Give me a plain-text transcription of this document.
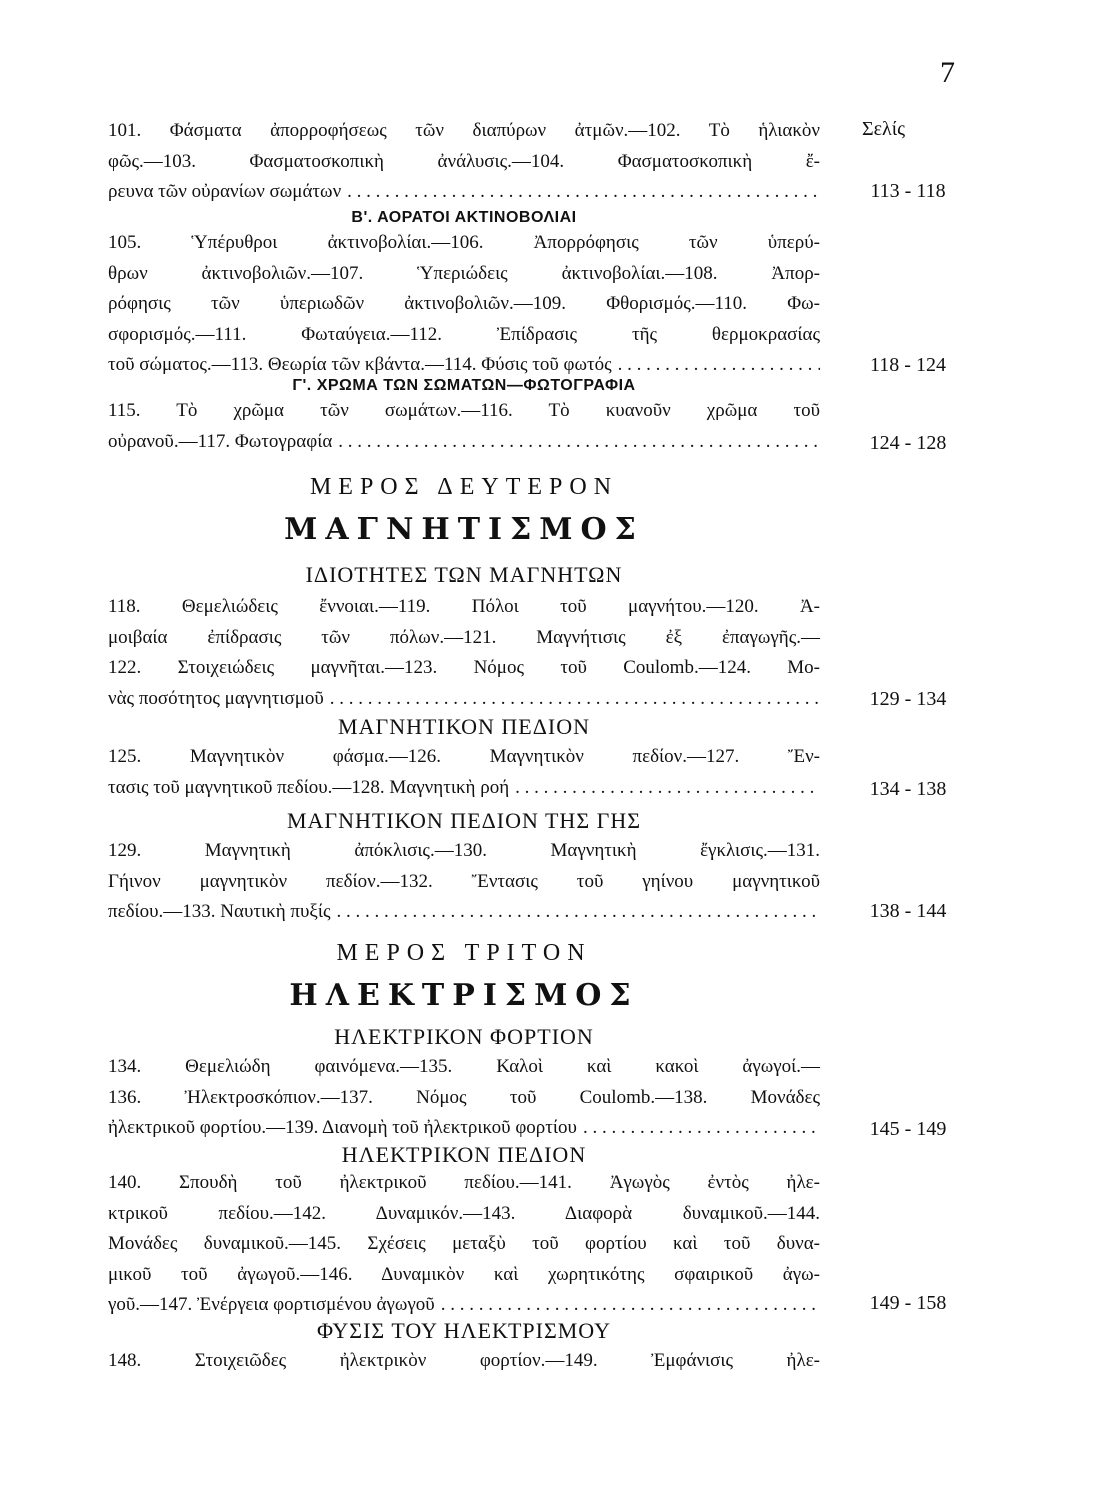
7
Σελίς
101. Φάσματα ἀπορροφήσεως τῶν διαπύρων ἀτμῶν.—102. Τὸ ἡλιακὸν
φῶς.—103. Φασματοσκοπικὴ ἀνάλυσις.—104. Φασματοσκοπικὴ ἔ-
ρευνα τῶν οὐρανίων σωμάτων . . .	113 - 118
Β'. ΑΟΡΑΤΟΙ ΑΚΤΙΝΟΒΟΛΙΑΙ
105. Ὑπέρυθροι ἀκτινοβολίαι.—106. Ἀπορρόφησις τῶν ὑπερύ-
θρων ἀκτινοβολιῶν.—107. Ὑπεριώδεις ἀκτινοβολίαι.—108. Ἀπορ-
ρόφησις τῶν ὑπεριωδῶν ἀκτινοβολιῶν.—109. Φθορισμός.—110. Φω-
σφορισμός.—111. Φωταύγεια.—112. Ἐπίδρασις τῆς θερμοκρασίας
τοῦ σώματος.—113. Θεωρία τῶν κβάντα.—114. Φύσις τοῦ φωτός . . .	118 - 124
Γ'. ΧΡΩΜΑ ΤΩΝ ΣΩΜΑΤΩΝ—ΦΩΤΟΓΡΑΦΙΑ
115. Τὸ χρῶμα τῶν σωμάτων.—116. Τὸ κυανοῦν χρῶμα τοῦ
οὐρανοῦ.—117. Φωτογραφία . . .	124 - 128
ΜΕΡΟΣ ΔΕΥΤΕΡΟΝ
ΜΑΓΝΗΤΙΣΜΟΣ
ΙΔΙΟΤΗΤΕΣ ΤΩΝ ΜΑΓΝΗΤΩΝ
118. Θεμελιώδεις ἔννοιαι.—119. Πόλοι τοῦ μαγνήτου.—120. Ἀ-
μοιβαία ἐπίδρασις τῶν πόλων.—121. Μαγνήτισις ἐξ ἐπαγωγῆς.—
122. Στοιχειώδεις μαγνῆται.—123. Νόμος τοῦ Coulomb.—124. Μο-
νὰς ποσότητος μαγνητισμοῦ . . .	129 - 134
ΜΑΓΝΗΤΙΚΟΝ ΠΕΔΙΟΝ
125. Μαγνητικὸν φάσμα.—126. Μαγνητικὸν πεδίον.—127. Ἔν-
τασις τοῦ μαγνητικοῦ πεδίου.—128. Μαγνητικὴ ροή . . .	134 - 138
ΜΑΓΝΗΤΙΚΟΝ ΠΕΔΙΟΝ ΤΗΣ ΓΗΣ
129. Μαγνητικὴ ἀπόκλισις.—130. Μαγνητικὴ ἔγκλισις.—131.
Γήινον μαγνητικὸν πεδίον.—132. Ἔντασις τοῦ γηίνου μαγνητικοῦ
πεδίου.—133. Ναυτικὴ πυξίς . . .	138 - 144
ΜΕΡΟΣ ΤΡΙΤΟΝ
ΗΛΕΚΤΡΙΣΜΟΣ
ΗΛΕΚΤΡΙΚΟΝ ΦΟΡΤΙΟΝ
134. Θεμελιώδη φαινόμενα.—135. Καλοὶ καὶ κακοὶ ἀγωγοί.—
136. Ἠλεκτροσκόπιον.—137. Νόμος τοῦ Coulomb.—138. Μονάδες
ἠλεκτρικοῦ φορτίου.—139. Διανομὴ τοῦ ἠλεκτρικοῦ φορτίου . . .	145 - 149
ΗΛΕΚΤΡΙΚΟΝ ΠΕΔΙΟΝ
140. Σπουδὴ τοῦ ἠλεκτρικοῦ πεδίου.—141. Ἀγωγὸς ἐντὸς ἠλε-
κτρικοῦ πεδίου.—142. Δυναμικόν.—143. Διαφορὰ δυναμικοῦ.—144.
Μονάδες δυναμικοῦ.—145. Σχέσεις μεταξὺ τοῦ φορτίου καὶ τοῦ δυνα-
μικοῦ τοῦ ἀγωγοῦ.—146. Δυναμικὸν καὶ χωρητικότης σφαιρικοῦ ἀγω-
γοῦ.—147. Ἐνέργεια φορτισμένου ἀγωγοῦ . . .	149 - 158
ΦΥΣΙΣ ΤΟΥ ΗΛΕΚΤΡΙΣΜΟΥ
148. Στοιχειῶδες ἠλεκτρικὸν φορτίον.—149. Ἐμφάνισις ἠλε-
